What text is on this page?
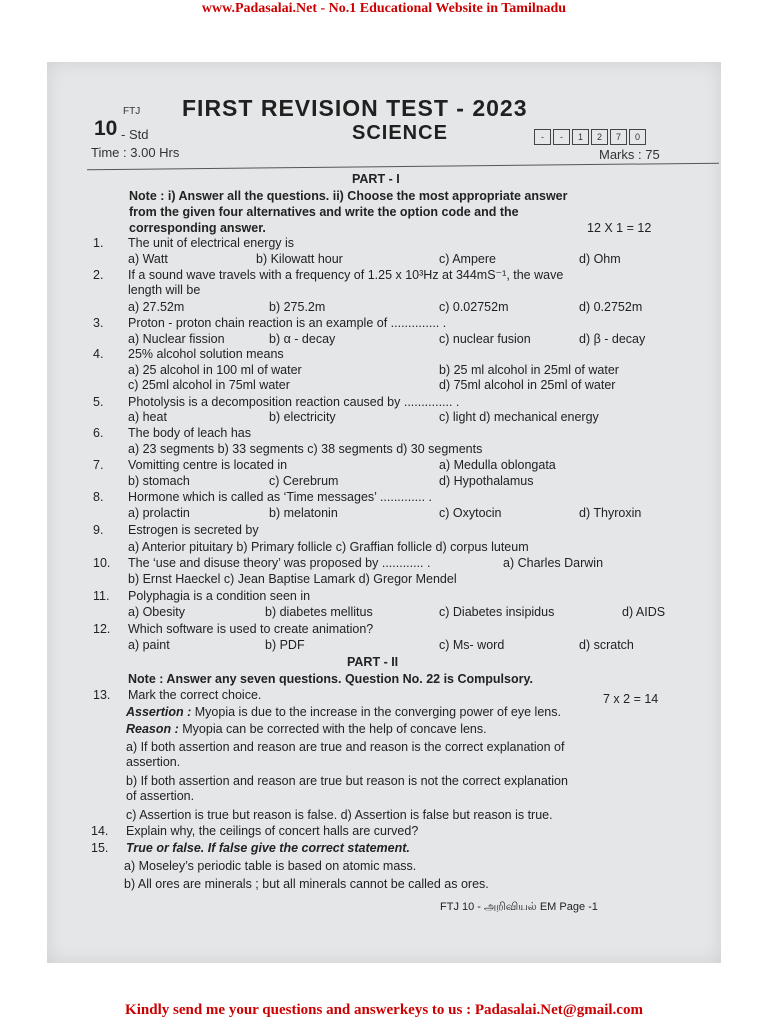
www.Padasalai.Net - No.1 Educational Website in Tamilnadu
FTJ FIRST REVISION TEST - 2023
10 - Std	SCIENCE	-	-	1	2	7	0
Time : 3.00 Hrs	Marks : 75
PART - I
Note : i) Answer all the questions. ii) Choose the most appropriate answer
from the given four alternatives and write the option code and the
corresponding answer.	12 X 1 = 12
1. The unit of electrical energy is
a) Watt	b) Kilowatt hour	c) Ampere	d) Ohm
2. If a sound wave travels with a frequency of 1.25 x 10³Hz at 344mS⁻¹, the wave
length will be
a) 27.52m	b) 275.2m	c) 0.02752m	d) 0.2752m
3. Proton - proton chain reaction is an example of .............. .
a) Nuclear fission	b) α - decay	c) nuclear fusion	d) β - decay
4. 25% alcohol solution means
a) 25 alcohol in 100 ml of water	b) 25 ml alcohol in 25ml of water
c) 25ml alcohol in 75ml water	d) 75ml alcohol in 25ml of water
5. Photolysis is a decomposition reaction caused by .............. .
a) heat	b) electricity	c) light d) mechanical energy
6. The body of leach has
a) 23 segments b) 33 segments c) 38 segments d) 30 segments
7. Vomitting centre is located in	a) Medulla oblongata
b) stomach	c) Cerebrum	d) Hypothalamus
8. Hormone which is called as ‘Time messages’ ............. .
a) prolactin	b) melatonin	c) Oxytocin	d) Thyroxin
9. Estrogen is secreted by
a) Anterior pituitary b) Primary follicle c) Graffian follicle d) corpus luteum
10. The ‘use and disuse theory’ was proposed by ............ .	a) Charles Darwin
b) Ernst Haeckel c) Jean Baptise Lamark d) Gregor Mendel
11. Polyphagia is a condition seen in
a) Obesity	b) diabetes mellitus	c) Diabetes insipidus	d) AIDS
12. Which software is used to create animation?
a) paint	b) PDF	c) Ms- word	d) scratch
PART - II
Note : Answer any seven questions. Question No. 22 is Compulsory.
13. Mark the correct choice.	7 x 2 = 14
Assertion : Myopia is due to the increase in the converging power of eye lens.
Reason : Myopia can be corrected with the help of concave lens.
a) If both assertion and reason are true and reason is the correct explanation of
assertion.
b) If both assertion and reason are true but reason is not the correct explanation
of assertion.
c) Assertion is true but reason is false. d) Assertion is false but reason is true.
14. Explain why, the ceilings of concert halls are curved?
15. True or false. If false give the correct statement.
a) Moseley’s periodic table is based on atomic mass.
b) All ores are minerals ; but all minerals cannot be called as ores.
FTJ 10 - அறிவியல் EM Page -1
Kindly send me your questions and answerkeys to us : Padasalai.Net@gmail.com
